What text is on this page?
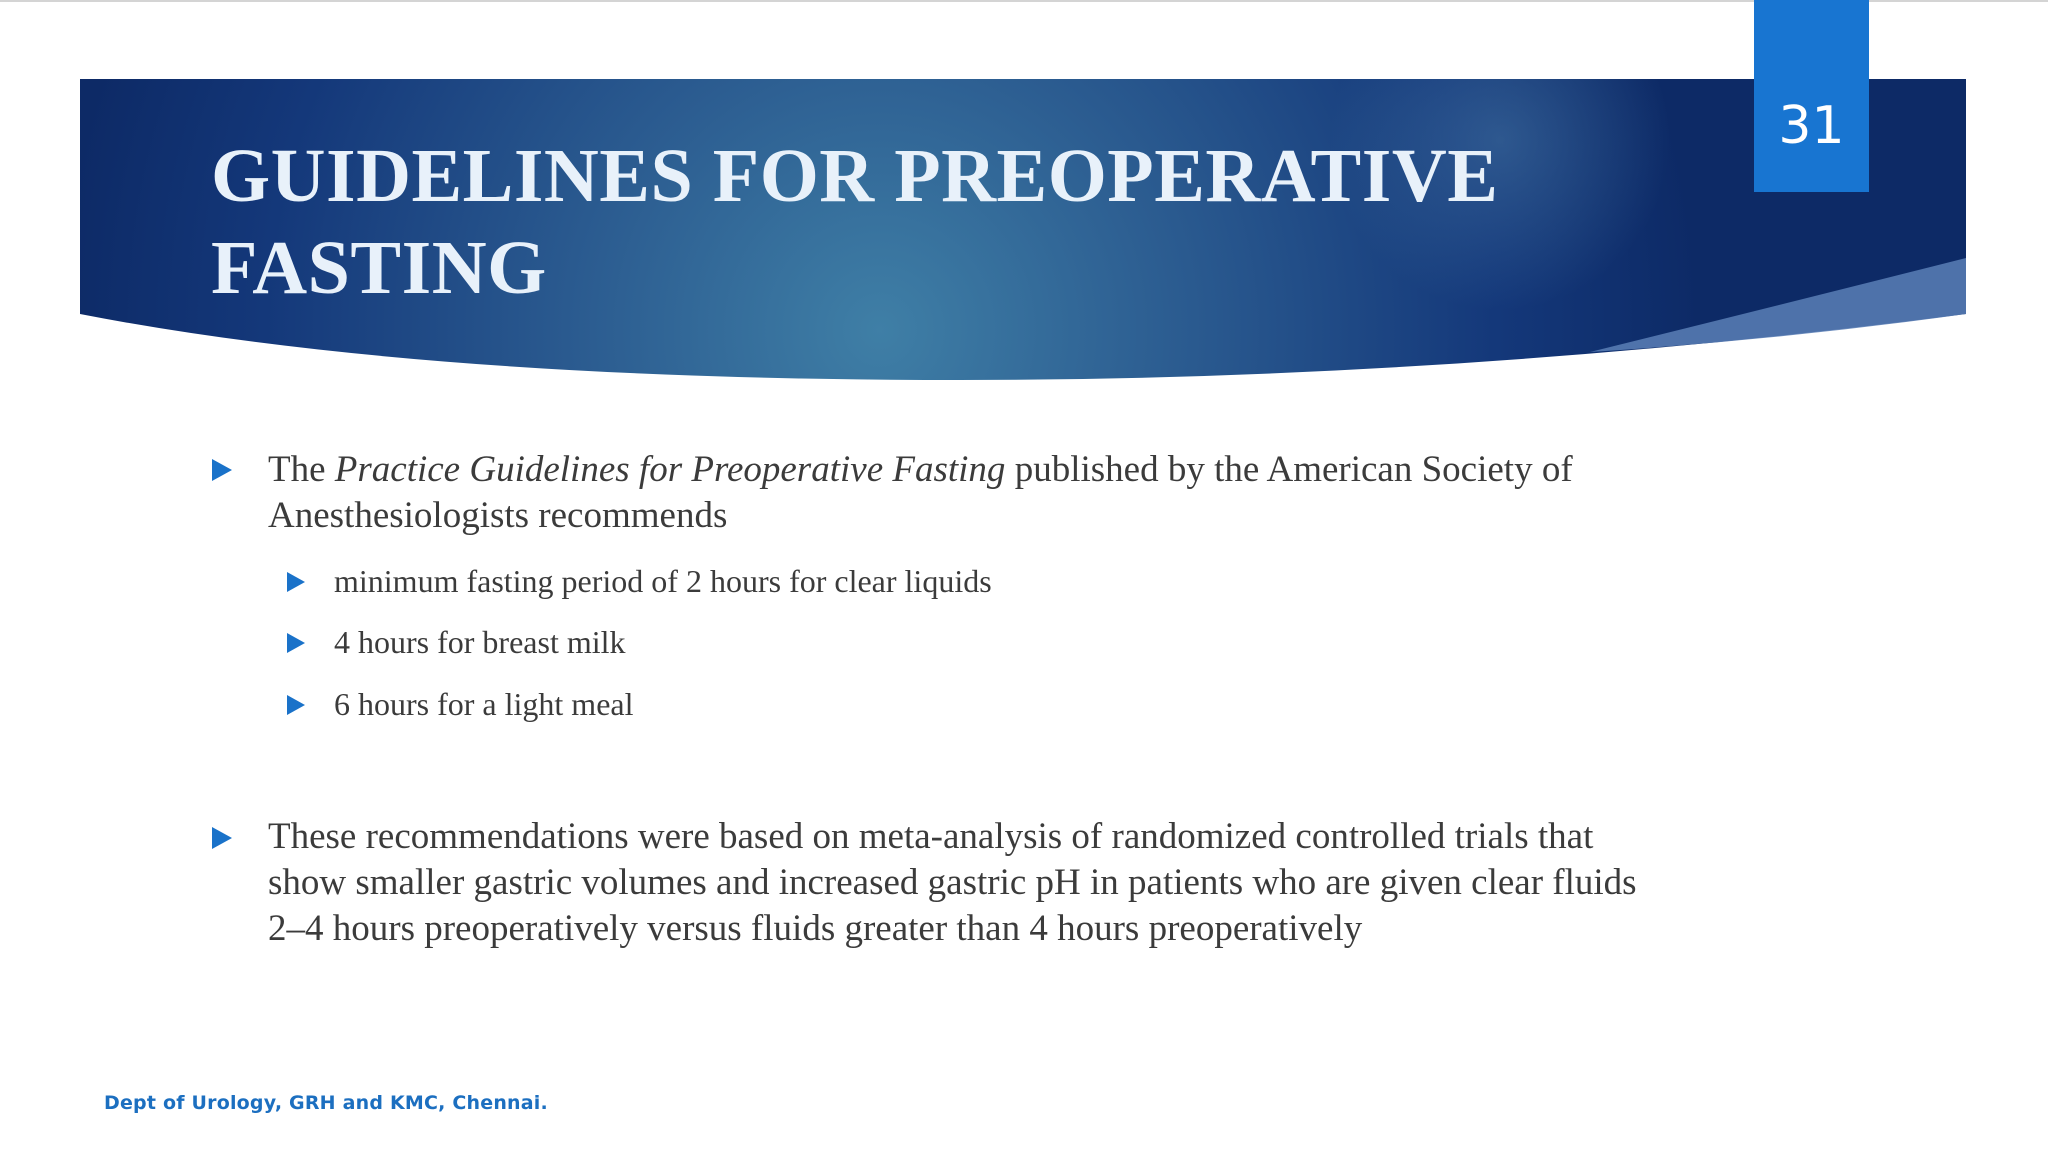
31
GUIDELINES FOR PREOPERATIVE
FASTING
The Practice Guidelines for Preoperative Fasting published by the American Society of Anesthesiologists recommends
minimum fasting period of 2 hours for clear liquids
4 hours for breast milk
6 hours for a light meal
These recommendations were based on meta-analysis of randomized controlled trials that show smaller gastric volumes and increased gastric pH in patients who are given clear fluids 2–4 hours preoperatively versus fluids greater than 4 hours preoperatively
Dept of Urology, GRH and KMC, Chennai.
